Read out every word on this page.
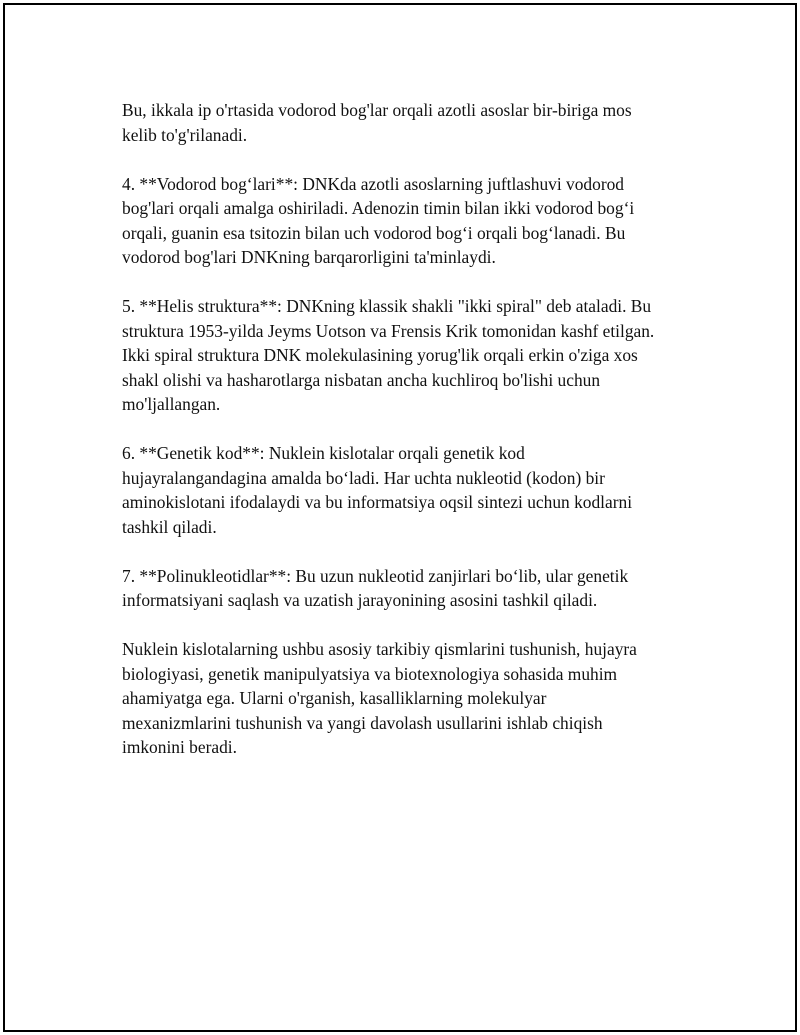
Bu, ikkala ip o'rtasida vodorod bog'lar orqali azotli asoslar bir-biriga mos
kelib to'g'rilanadi.

4. **Vodorod bog‘lari**: DNKda azotli asoslarning juftlashuvi vodorod
bog'lari orqali amalga oshiriladi. Adenozin timin bilan ikki vodorod bog‘i
orqali, guanin esa tsitozin bilan uch vodorod bog‘i orqali bog‘lanadi. Bu
vodorod bog'lari DNKning barqarorligini ta'minlaydi.

5. **Helis struktura**: DNKning klassik shakli "ikki spiral" deb ataladi. Bu
struktura 1953-yilda Jeyms Uotson va Frensis Krik tomonidan kashf etilgan.
Ikki spiral struktura DNK molekulasining yorug'lik orqali erkin o'ziga xos
shakl olishi va hasharotlarga nisbatan ancha kuchliroq bo'lishi uchun
mo'ljallangan.

6. **Genetik kod**: Nuklein kislotalar orqali genetik kod
hujayralangandagina amalda bo‘ladi. Har uchta nukleotid (kodon) bir
aminokislotani ifodalaydi va bu informatsiya oqsil sintezi uchun kodlarni
tashkil qiladi.

7. **Polinukleotidlar**: Bu uzun nukleotid zanjirlari bo‘lib, ular genetik
informatsiyani saqlash va uzatish jarayonining asosini tashkil qiladi.

Nuklein kislotalarning ushbu asosiy tarkibiy qismlarini tushunish, hujayra
biologiyasi, genetik manipulyatsiya va biotexnologiya sohasida muhim
ahamiyatga ega. Ularni o'rganish, kasalliklarning molekulyar
mexanizmlarini tushunish va yangi davolash usullarini ishlab chiqish
imkonini beradi.
